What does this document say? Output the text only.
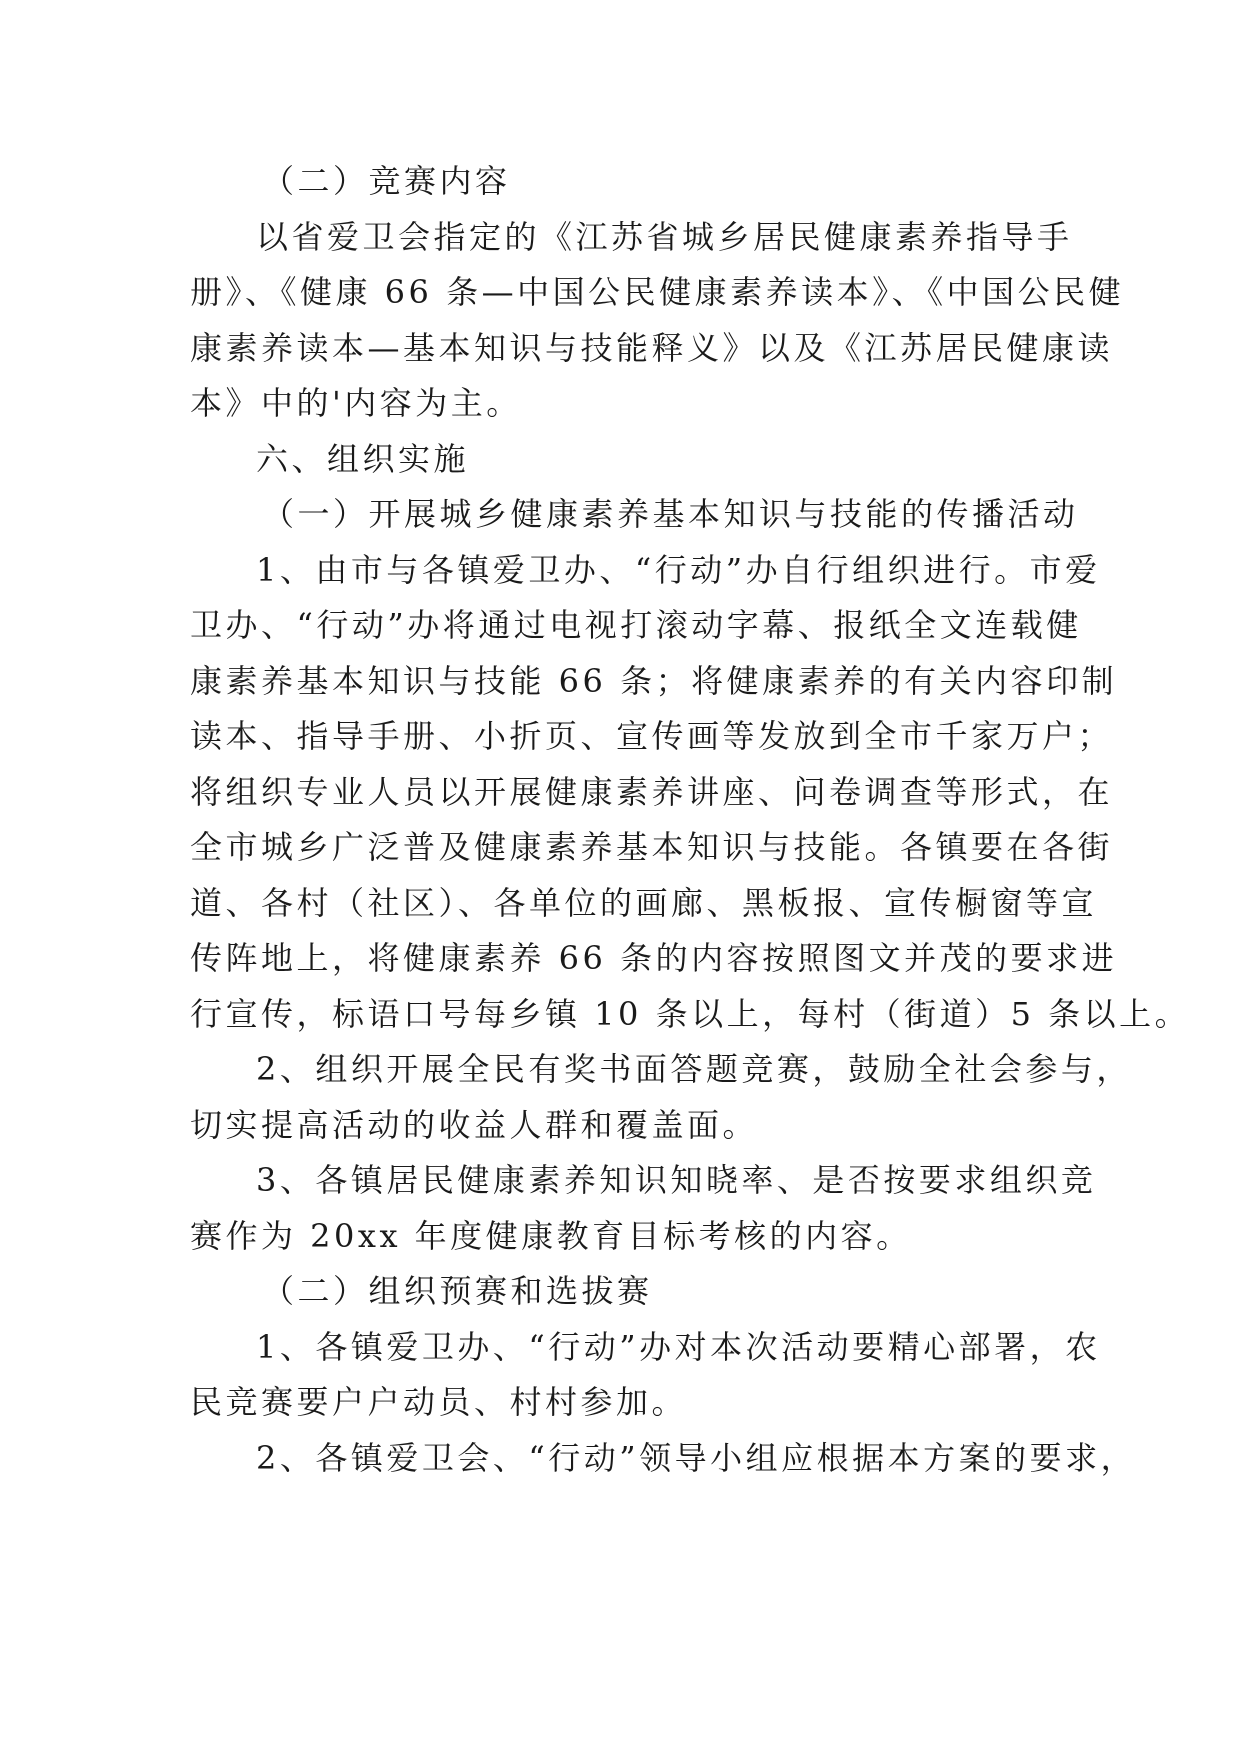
（二）竞赛内容
以省爱卫会指定的《江苏省城乡居民健康素养指导手
册》、《健康 66 条—中国公民健康素养读本》、《中国公民健
康素养读本—基本知识与技能释义》以及《江苏居民健康读
本》中的'内容为主。
六、组织实施
（一）开展城乡健康素养基本知识与技能的传播活动
1、由市与各镇爱卫办、“行动”办自行组织进行。市爱
卫办、“行动”办将通过电视打滚动字幕、报纸全文连载健
康素养基本知识与技能 66 条；将健康素养的有关内容印制
读本、指导手册、小折页、宣传画等发放到全市千家万户；
将组织专业人员以开展健康素养讲座、问卷调查等形式，在
全市城乡广泛普及健康素养基本知识与技能。各镇要在各街
道、各村（社区）、各单位的画廊、黑板报、宣传橱窗等宣
传阵地上，将健康素养 66 条的内容按照图文并茂的要求进
行宣传，标语口号每乡镇 10 条以上，每村（街道）5 条以上。
2、组织开展全民有奖书面答题竞赛，鼓励全社会参与，
切实提高活动的收益人群和覆盖面。
3、各镇居民健康素养知识知晓率、是否按要求组织竞
赛作为 20xx 年度健康教育目标考核的内容。
（二）组织预赛和选拔赛
1、各镇爱卫办、“行动”办对本次活动要精心部署，农
民竞赛要户户动员、村村参加。
2、各镇爱卫会、“行动”领导小组应根据本方案的要求，
